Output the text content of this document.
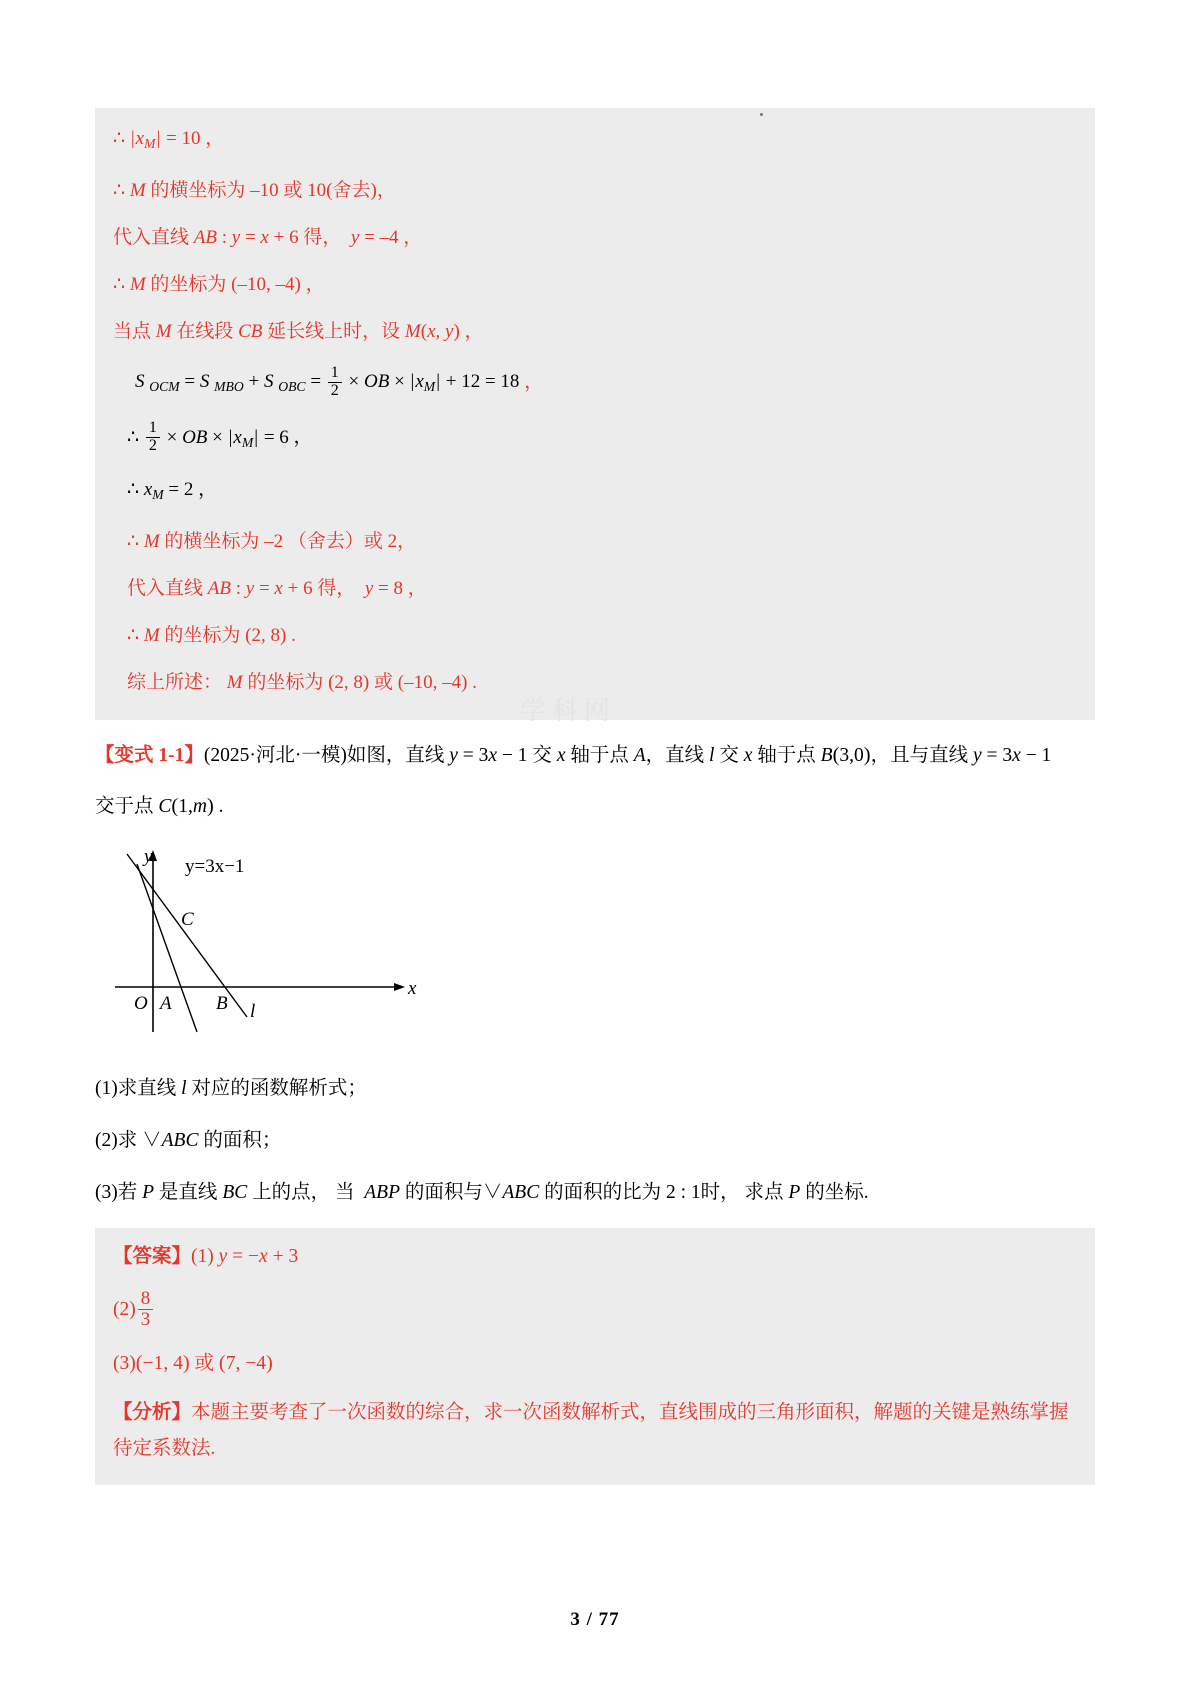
∴ $|x_M| = 10$ ，
∴ M 的横坐标为 –10 或 10(舍去)，
代入直线 AB : y = x + 6 得，  y = –4 ，
∴ M 的坐标为 (–10, –4) ，
当点 M 在线段 CB 延长线上时，设 M(x, y) ，
S $_{OCM}$ = S $_{MBO}$ + S $_{OBC} = \frac{1}{2}$ × OB × $|x_M| + 12 = 18$ ，
∴ $\frac{1}{2}$ × OB × $|x_M| = 6$ ，
∴ $x_M = 2$ ，
∴ M 的横坐标为 –2 （舍去）或 2，
代入直线 AB : y = x + 6 得，  y = 8 ，
∴ M 的坐标为 (2, 8) .
综上所述： M 的坐标为 (2, 8) 或 (–10, –4) .
学科网
【变式 1-1】(2025·河北·一模)如图，直线 y = 3x − 1 交 x 轴于点 A，直线 l 交 x 轴于点 B(3,0)，且与直线 y = 3x − 1
交于点 C(1,m) .
y
x
O A B
C
l
y=3x−1
(1)求直线 l 对应的函数解析式；
(2)求 ∨ABC 的面积；
(3)若 P 是直线 BC 上的点， 当  ABP 的面积与∨ABC 的面积的比为 2 : 1时， 求点 P 的坐标.
【答案】(1) y = −x + 3
$(2) \frac{8}{3}$
(3)(−1, 4) 或 (7, −4)
【分析】本题主要考查了一次函数的综合，求一次函数解析式，直线围成的三角形面积，解题的关键是熟练掌握待定系数法.
3 / 77
